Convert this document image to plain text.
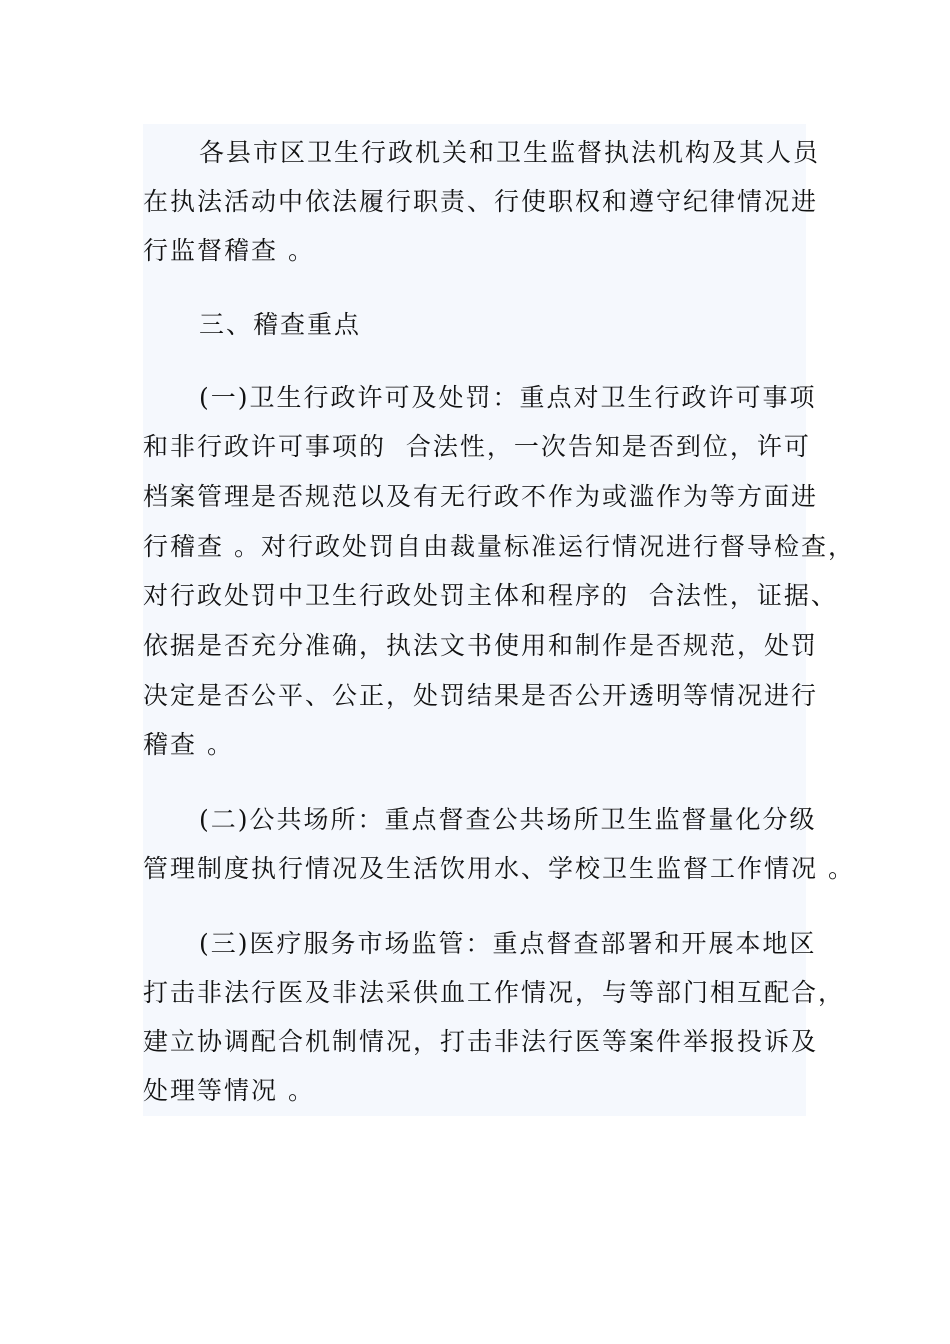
各县市区卫生行政机关和卫生监督执法机构及其人员
在执法活动中依法履行职责、行使职权和遵守纪律情况进
行监督稽查 。
三、稽查重点
(一)卫生行政许可及处罚：重点对卫生行政许可事项
和非行政许可事项的  合法性，一次告知是否到位，许可
档案管理是否规范以及有无行政不作为或滥作为等方面进
行稽查 。对行政处罚自由裁量标准运行情况进行督导检查，
对行政处罚中卫生行政处罚主体和程序的  合法性，证据、
依据是否充分准确，执法文书使用和制作是否规范，处罚
决定是否公平、公正，处罚结果是否公开透明等情况进行
稽查 。
(二)公共场所：重点督查公共场所卫生监督量化分级
管理制度执行情况及生活饮用水、学校卫生监督工作情况 。
(三)医疗服务市场监管：重点督查部署和开展本地区
打击非法行医及非法采供血工作情况，与等部门相互配合，
建立协调配合机制情况，打击非法行医等案件举报投诉及
处理等情况 。
